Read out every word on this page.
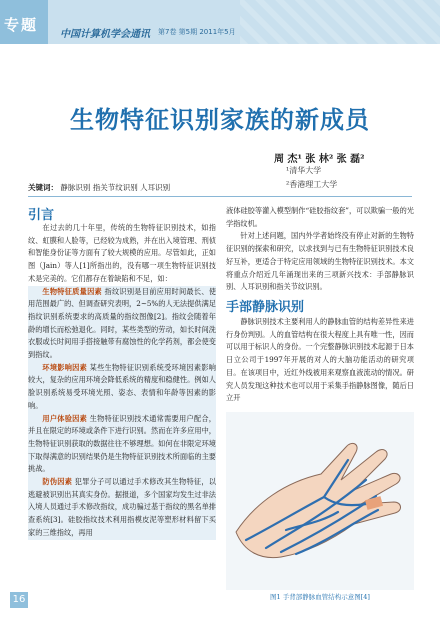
专题
中国计算机学会通讯 第7卷 第5期 2011年5月
生物特征识别家族的新成员
周 杰¹ 张 林² 张 磊²
¹清华大学
²香港理工大学
关键词： 静脉识别 指关节纹识别 人耳识别
引言

在过去的几十年里，传统的生物特征识别技术，如指纹、虹膜和人脸等，已经较为成熟，并在出入境管理、刑侦和智能身份证等方面有了较大规模的应用。尽管如此，正如图（Jain）等人[1]所指出的，没有哪一项生物特征识别技术是完美的。它们都存在着缺陷和不足，如：

生物特征质量因素 指纹识别是目前应用时间最长、使用范围最广的、但调查研究表明，2~5%的人无法提供满足指纹识别系统要求的高质量的指纹图像[2]。指纹会随着年龄的增长而松弛退化。同时，某些类型的劳动，如长时间洗衣服或长时间用手搭接触带有腐蚀性的化学药剂，都会使变到指纹。

环境影响因素 某些生物特征识别系统受环境因素影响较大，复杂的应用环境会降低系统的精度和稳健性。例如人脸识别系统易受环境光照、姿态、表情和年龄等因素的影响。

用户体验因素 生物特征识别技术通常需要用户配合，并且在限定的环境或条件下进行识别。然而在许多应用中，生物特征识别获取的数据往往不够理想。如何在非限定环境下取得满意的识别结果仍是生物特征识别技术所面临的主要挑战。

防伪因素 犯罪分子可以通过手术修改其生物特征，以逃避被识别出其真实身份。据报道，多个国家均发生过非法入境人员通过手术修改指纹，成功骗过基于指纹的黑名单排查系统[3]。硅胶指纹技术利用指模皮泥等塑形材料留下买家的三维指纹，再用

液体硅胶等灌入模型制作“硅胶指纹套”，可以欺骗一般的光学指纹机。

针对上述问题，国内外学者始终没有停止对新的生物特征识别的探索和研究，以求找到与已有生物特征识别技术良好互补，更适合于特定应用领域的生物特征识别技术。本文将重点介绍近几年涌现出来的三项新兴技术：手部静脉识别、人耳识别和指关节纹识别。

手部静脉识别

静脉识别技术主要利用人的静脉血管的结构差异性来进行身份判别。人的血管结构在很大程度上具有唯一性，因而可以用于标识人的身份。一个完整静脉识别技术起源于日本日立公司于1997年开展的对人的大脑功能活动的研究项目。在该项目中，近红外线被用来观察血液流动的情况。研究人员发现这种技术也可以用于采集手指静脉图像，随后日立开

图1 手背部静脉血管结构示意图[4]
16
